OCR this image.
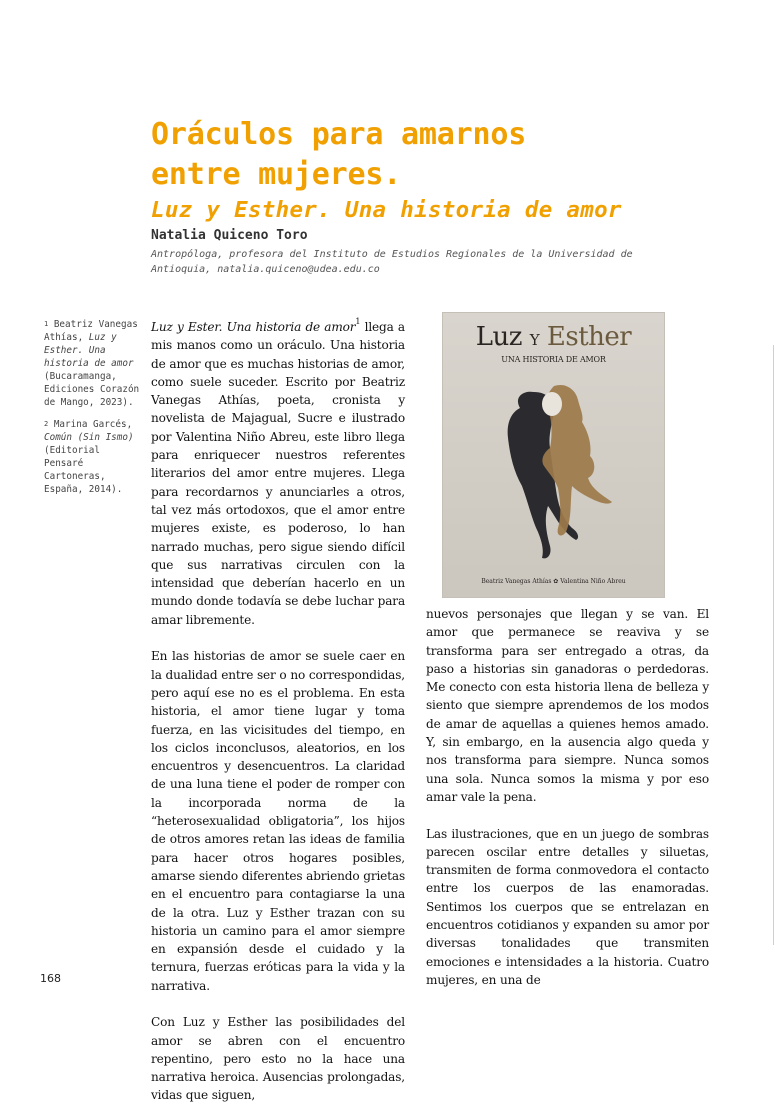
Oráculos para amarnos
entre mujeres.
Luz y Esther. Una historia de amor
Natalia Quiceno Toro
Antropóloga, profesora del Instituto de Estudios Regionales de la Universidad de Antioquia, natalia.quiceno@udea.edu.co

$^1$ Beatriz Vanegas Athías, Luz y Esther. Una historia de amor (Bucaramanga, Ediciones Corazón de Mango, 2023).

$^2$ Marina Garcés, Común (Sin Ismo) (Editorial Pensaré Cartoneras, España, 2014).

Luz y Ester. Una historia de amor$^1$ llega a mis manos como un oráculo. Una historia de amor que es muchas historias de amor, como suele suceder. Escrito por Beatriz Vanegas Athías, poeta, cronista y novelista de Majagual, Sucre e ilustrado por Valentina Niño Abreu, este libro llega para enriquecer nuestros referentes literarios del amor entre mujeres. Llega para recordarnos y anunciarles a otros, tal vez más ortodoxos, que el amor entre mujeres existe, es poderoso, lo han narrado muchas, pero sigue siendo difícil que sus narrativas circulen con la intensidad que deberían hacerlo en un mundo donde todavía se debe luchar para amar libremente.

En las historias de amor se suele caer en la dualidad entre ser o no correspondidas, pero aquí ese no es el problema. En esta historia, el amor tiene lugar y toma fuerza, en las vicisitudes del tiempo, en los ciclos inconclusos, aleatorios, en los encuentros y desencuentros. La claridad de una luna tiene el poder de romper con la incorporada norma de la “heterosexualidad obligatoria”, los hijos de otros amores retan las ideas de familia para hacer otros hogares posibles, amarse siendo diferentes abriendo grietas en el encuentro para contagiarse la una de la otra. Luz y Esther trazan con su historia un camino para el amor siempre en expansión desde el cuidado y la ternura, fuerzas eróticas para la vida y la narrativa.

Con Luz y Esther las posibilidades del amor se abren con el encuentro repentino, pero esto no la hace una narrativa heroica. Ausencias prolongadas, vidas que siguen,

Luz Y Esther
UNA HISTORIA DE AMOR
Beatriz Vanegas Athías ✿ Valentina Niño Abreu

nuevos personajes que llegan y se van. El amor que permanece se reaviva y se transforma para ser entregado a otras, da paso a historias sin ganadoras o perdedoras. Me conecto con esta historia llena de belleza y siento que siempre aprendemos de los modos de amar de aquellas a quienes hemos amado. Y, sin embargo, en la ausencia algo queda y nos transforma para siempre. Nunca somos una sola. Nunca somos la misma y por eso amar vale la pena.

Las ilustraciones, que en un juego de sombras parecen oscilar entre detalles y siluetas, transmiten de forma conmovedora el contacto entre los cuerpos de las enamoradas. Sentimos los cuerpos que se entrelazan en encuentros cotidianos y expanden su amor por diversas tonalidades que transmiten emociones e intensidades a la historia. Cuatro mujeres, en una de

168
